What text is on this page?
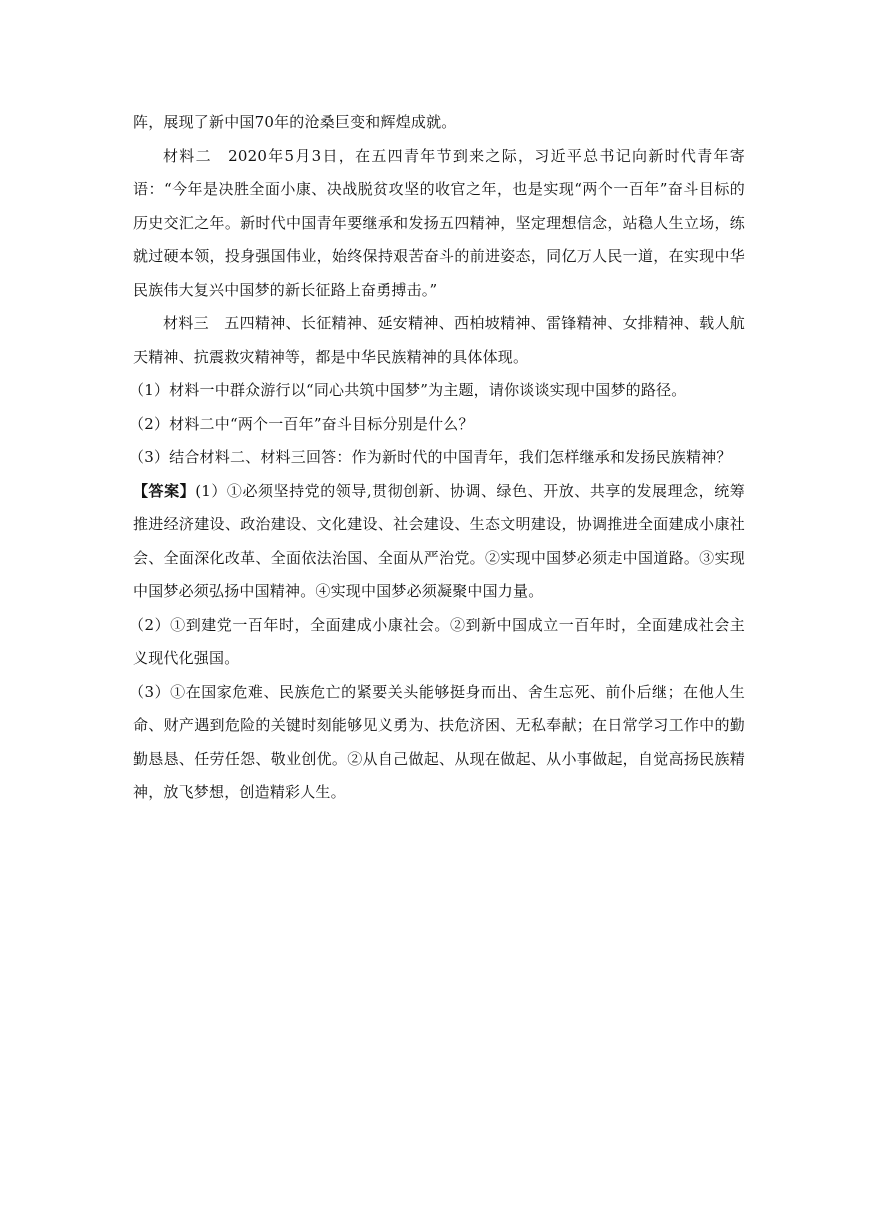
阵，展现了新中国70年的沧桑巨变和辉煌成就。

材料二　2020年5月3日，在五四青年节到来之际，习近平总书记向新时代青年寄语：“今年是决胜全面小康、决战脱贫攻坚的收官之年，也是实现“两个一百年”奋斗目标的历史交汇之年。新时代中国青年要继承和发扬五四精神，坚定理想信念，站稳人生立场，练就过硬本领，投身强国伟业，始终保持艰苦奋斗的前进姿态，同亿万人民一道，在实现中华民族伟大复兴中国梦的新长征路上奋勇搏击。”

材料三　五四精神、长征精神、延安精神、西柏坡精神、雷锋精神、女排精神、载人航天精神、抗震救灾精神等，都是中华民族精神的具体体现。

（1）材料一中群众游行以“同心共筑中国梦”为主题，请你谈谈实现中国梦的路径。

（2）材料二中“两个一百年”奋斗目标分别是什么？

（3）结合材料二、材料三回答：作为新时代的中国青年，我们怎样继承和发扬民族精神？

【答案】(1）①必须坚持党的领导,贯彻创新、协调、绿色、开放、共享的发展理念，统筹推进经济建设、政治建设、文化建设、社会建设、生态文明建设，协调推进全面建成小康社会、全面深化改革、全面依法治国、全面从严治党。②实现中国梦必须走中国道路。③实现中国梦必须弘扬中国精神。④实现中国梦必须凝聚中国力量。

（2）①到建党一百年时，全面建成小康社会。②到新中国成立一百年时，全面建成社会主义现代化强国。

（3）①在国家危难、民族危亡的紧要关头能够挺身而出、舍生忘死、前仆后继；在他人生命、财产遇到危险的关键时刻能够见义勇为、扶危济困、无私奉献；在日常学习工作中的勤勤恳恳、任劳任怨、敬业创优。②从自己做起、从现在做起、从小事做起，自觉高扬民族精神，放飞梦想，创造精彩人生。
